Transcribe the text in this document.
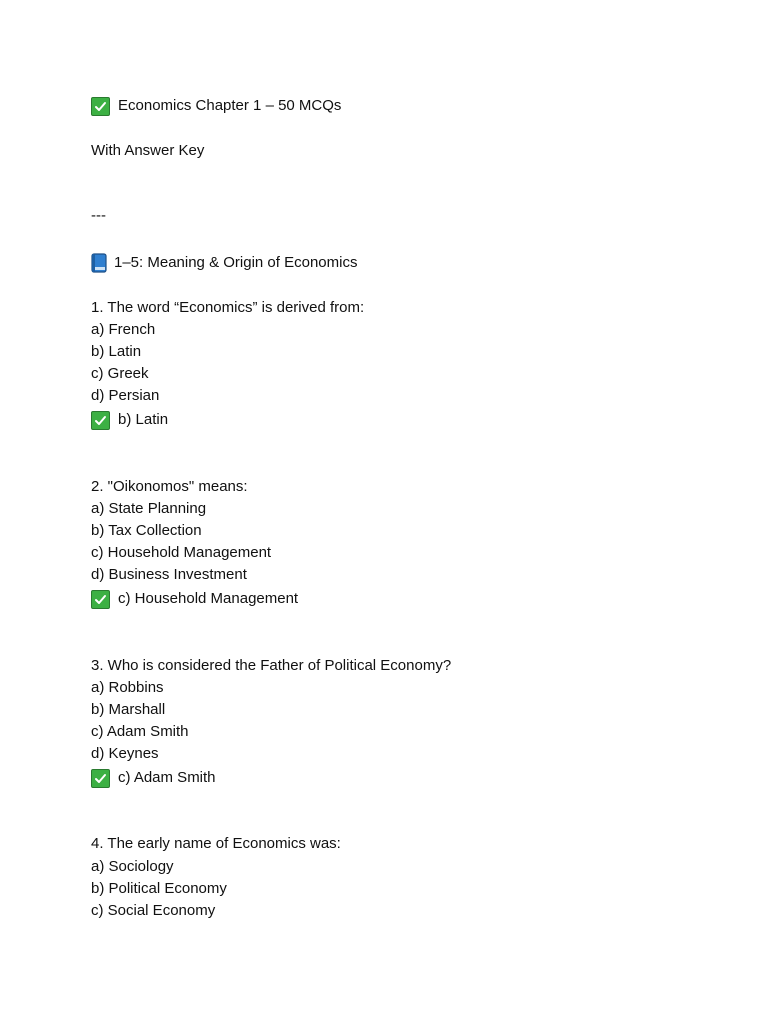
Economics Chapter 1 – 50 MCQs
With Answer Key
---
1–5: Meaning & Origin of Economics
1. The word “Economics” is derived from:
a) French
b) Latin
c) Greek
d) Persian
b) Latin
2. "Oikonomos" means:
a) State Planning
b) Tax Collection
c) Household Management
d) Business Investment
c) Household Management
3. Who is considered the Father of Political Economy?
a) Robbins
b) Marshall
c) Adam Smith
d) Keynes
c) Adam Smith
4. The early name of Economics was:
a) Sociology
b) Political Economy
c) Social Economy
